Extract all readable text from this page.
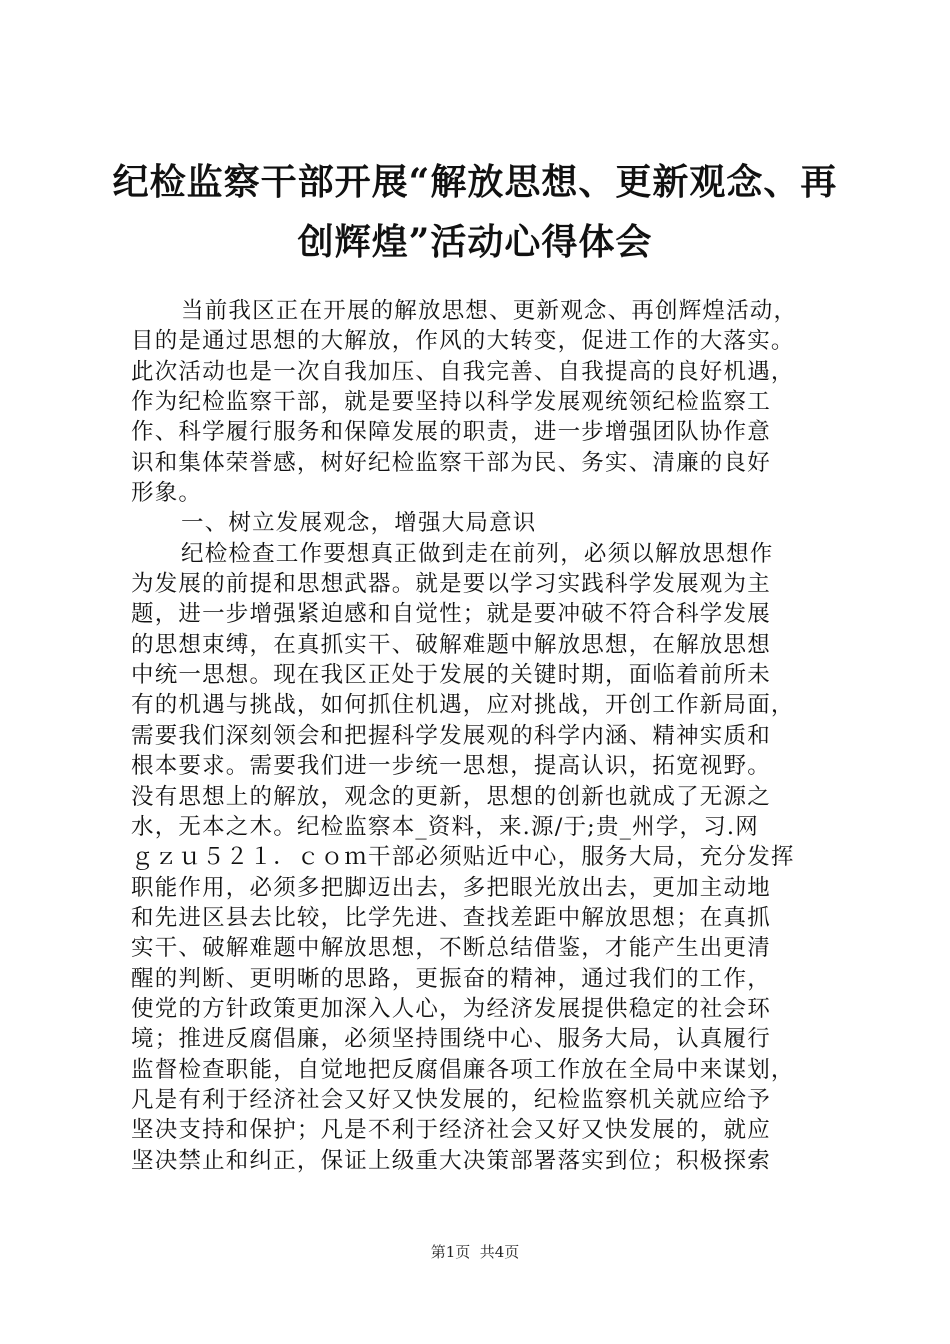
纪检监察干部开展“解放思想、更新观念、再
创辉煌”活动心得体会
当前我区正在开展的解放思想、更新观念、再创辉煌活动，
目的是通过思想的大解放，作风的大转变，促进工作的大落实。
此次活动也是一次自我加压、自我完善、自我提高的良好机遇，
作为纪检监察干部，就是要坚持以科学发展观统领纪检监察工
作、科学履行服务和保障发展的职责，进一步增强团队协作意
识和集体荣誉感，树好纪检监察干部为民、务实、清廉的良好
形象。
一、树立发展观念，增强大局意识
纪检检查工作要想真正做到走在前列，必须以解放思想作
为发展的前提和思想武器。就是要以学习实践科学发展观为主
题，进一步增强紧迫感和自觉性；就是要冲破不符合科学发展
的思想束缚，在真抓实干、破解难题中解放思想，在解放思想
中统一思想。现在我区正处于发展的关键时期，面临着前所未
有的机遇与挑战，如何抓住机遇，应对挑战，开创工作新局面，
需要我们深刻领会和把握科学发展观的科学内涵、精神实质和
根本要求。需要我们进一步统一思想，提高认识，拓宽视野。
没有思想上的解放，观念的更新，思想的创新也就成了无源之
水，无本之木。纪检监察本_资料，来.源/于;贵_州学，习.网
ｇｚｕ５２１．ｃｏｍ干部必须贴近中心，服务大局，充分发挥
职能作用，必须多把脚迈出去，多把眼光放出去，更加主动地
和先进区县去比较，比学先进、查找差距中解放思想；在真抓
实干、破解难题中解放思想，不断总结借鉴，才能产生出更清
醒的判断、更明晰的思路，更振奋的精神，通过我们的工作，
使党的方针政策更加深入人心，为经济发展提供稳定的社会环
境；推进反腐倡廉，必须坚持围绕中心、服务大局，认真履行
监督检查职能，自觉地把反腐倡廉各项工作放在全局中来谋划，
凡是有利于经济社会又好又快发展的，纪检监察机关就应给予
坚决支持和保护；凡是不利于经济社会又好又快发展的，就应
坚决禁止和纠正，保证上级重大决策部署落实到位；积极探索
第1页  共4页
